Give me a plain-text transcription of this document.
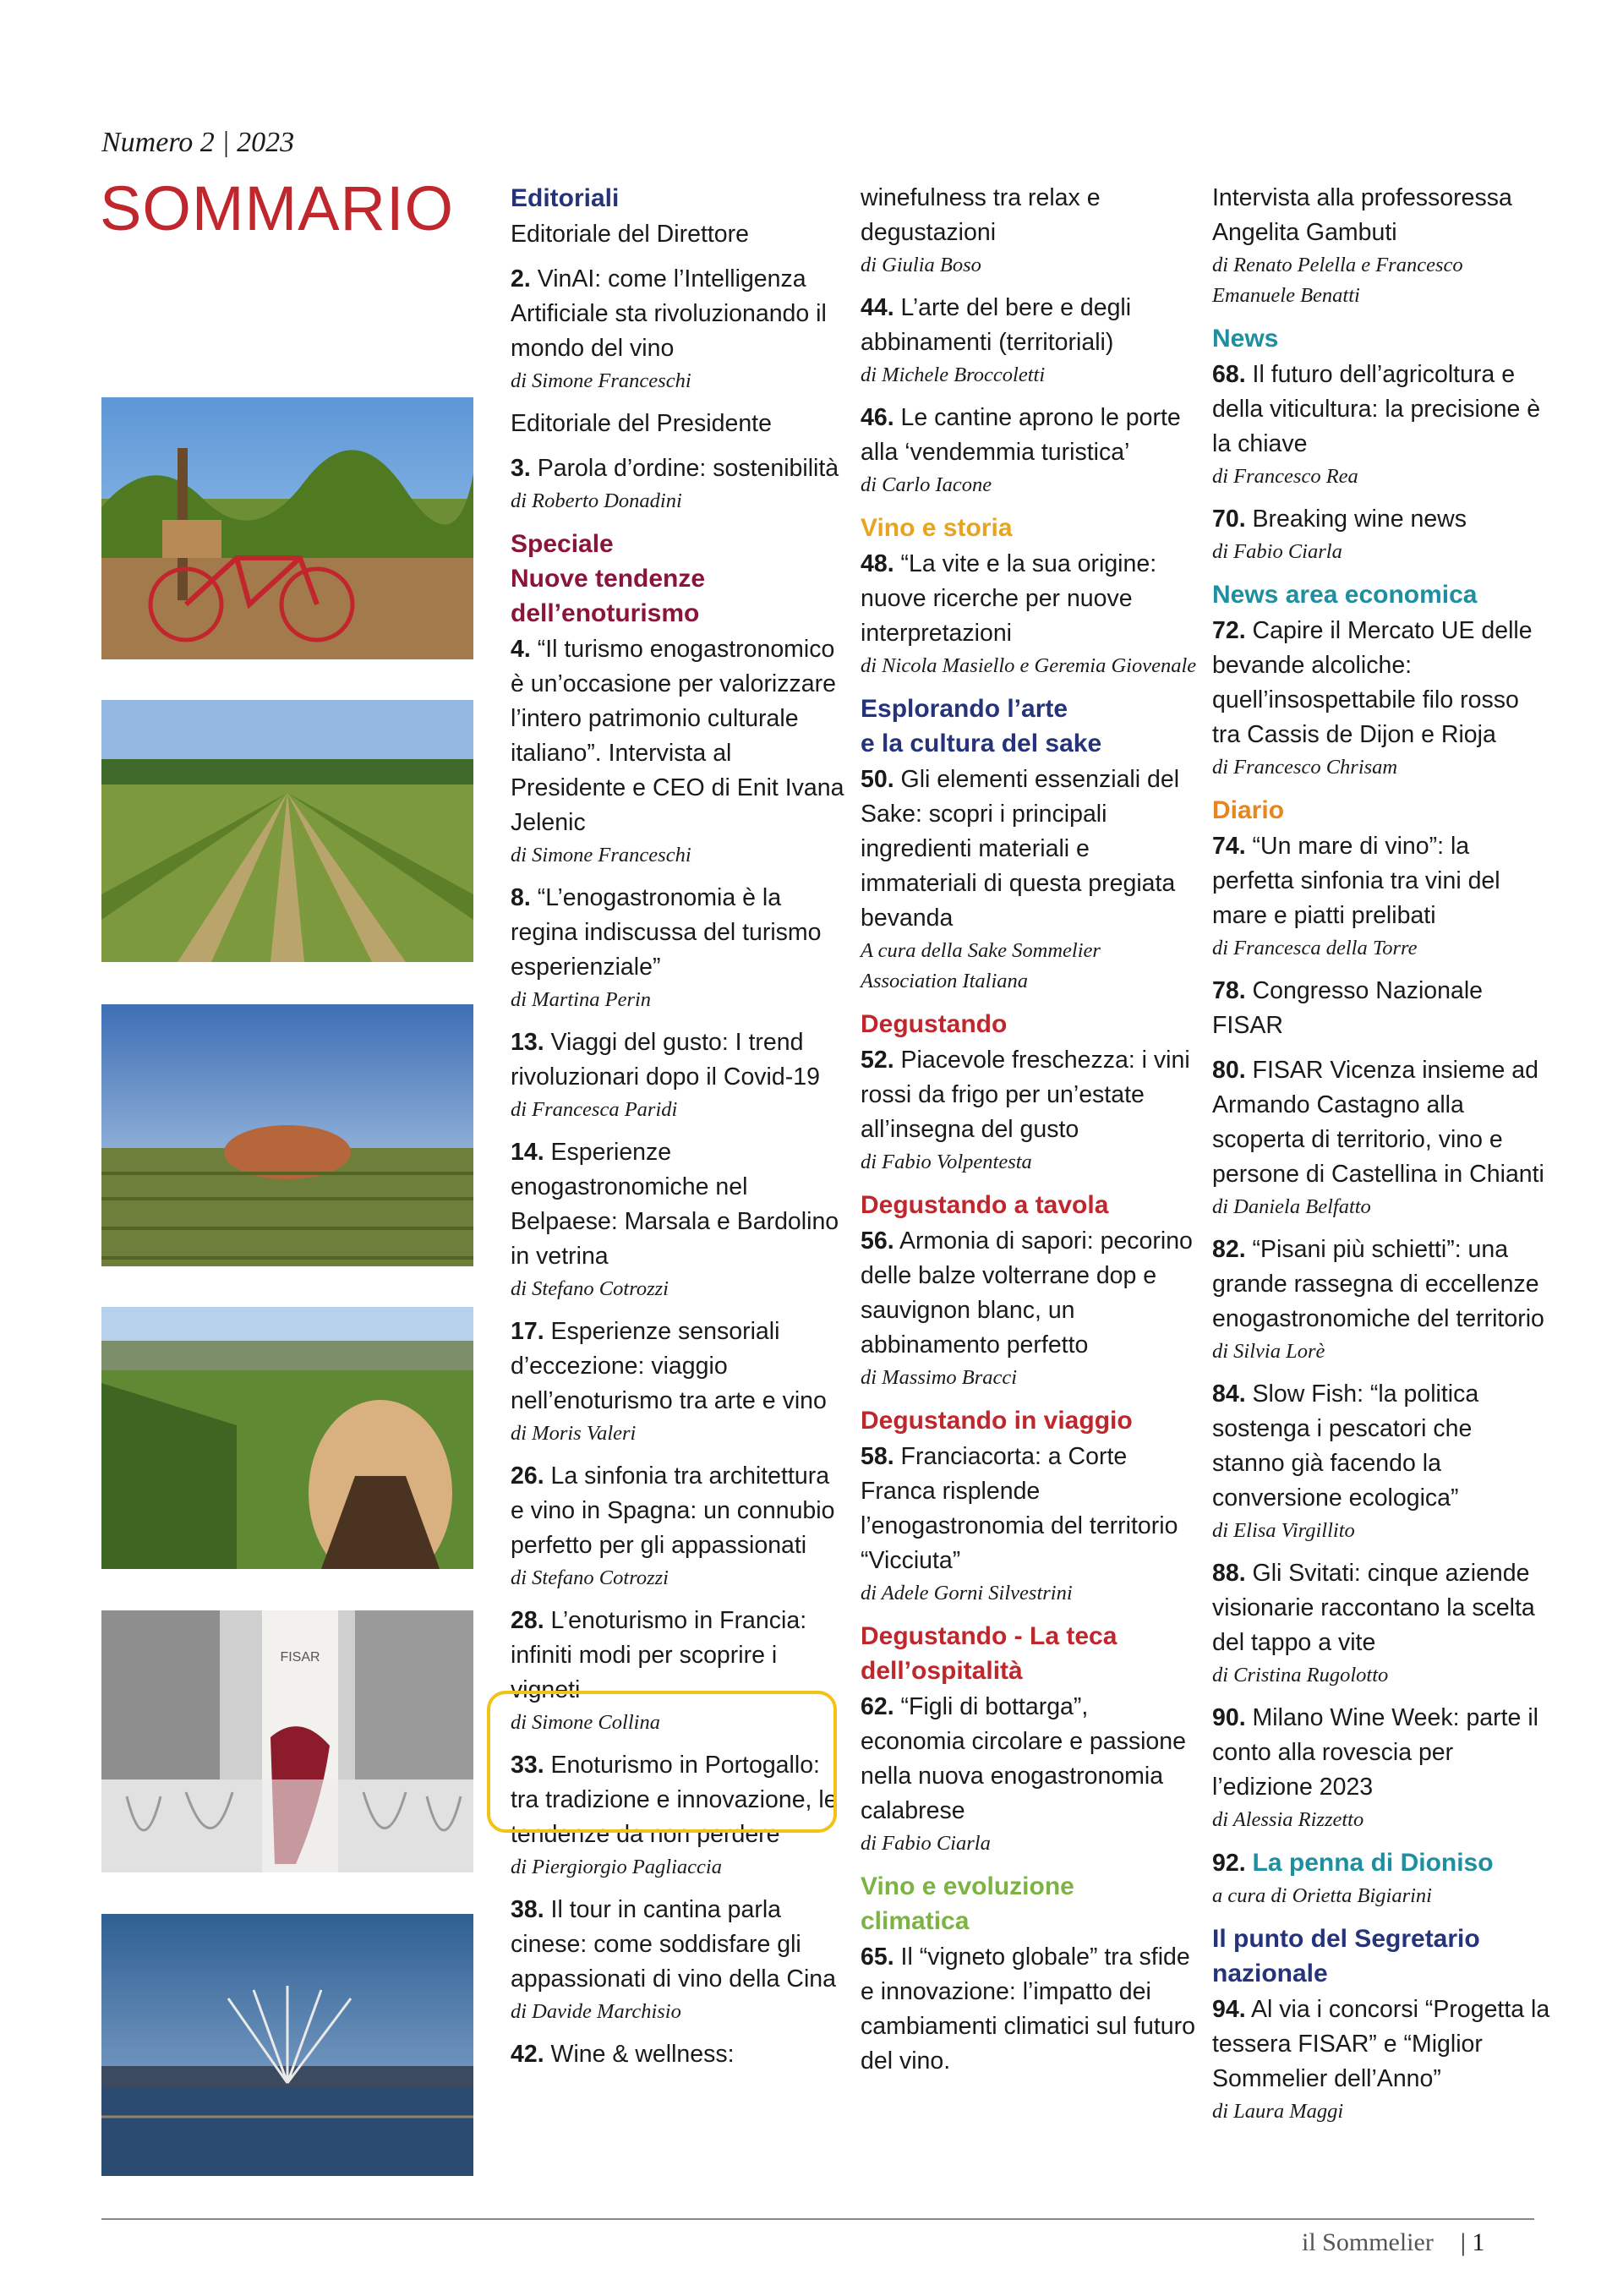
Numero 2 | 2023
SOMMARIO
FISAR
Editoriali
Editoriale del Direttore
2. VinAI: come l’Intelligenza Artificiale sta rivoluzionando il mondo del vino
di Simone Franceschi
Editoriale del Presidente
3. Parola d’ordine: sostenibilità
di Roberto Donadini
Speciale
Nuove tendenze
dell’enoturismo
4. “Il turismo enogastronomico è un’occasione per valorizzare l’intero patrimonio culturale italiano”. Intervista al Presidente e CEO di Enit Ivana Jelenic
di Simone Franceschi
8. “L’enogastronomia è la regina indiscussa del turismo esperienziale”
di Martina Perin
13. Viaggi del gusto: I trend rivoluzionari dopo il Covid-19
di Francesca Paridi
14. Esperienze enogastronomiche nel Belpaese: Marsala e Bardolino in vetrina
di Stefano Cotrozzi
17. Esperienze sensoriali d’eccezione: viaggio nell’enoturismo tra arte e vino
di Moris Valeri
26. La sinfonia tra architettura e vino in Spagna: un connubio perfetto per gli appassionati
di Stefano Cotrozzi
28. L’enoturismo in Francia: infiniti modi per scoprire i vigneti
di Simone Collina
33. Enoturismo in Portogallo: tra tradizione e innovazione, le tendenze da non perdere
di Piergiorgio Pagliaccia
38. Il tour in cantina parla cinese: come soddisfare gli appassionati di vino della Cina
di Davide Marchisio
42. Wine & wellness:
winefulness tra relax e degustazioni
di Giulia Boso
44. L’arte del bere e degli abbinamenti (territoriali)
di Michele Broccoletti
46. Le cantine aprono le porte alla ‘vendemmia turistica’
di Carlo Iacone
Vino e storia
48. “La vite e la sua origine: nuove ricerche per nuove interpretazioni
di Nicola Masiello e Geremia Giovenale
Esplorando l’arte
e la cultura del sake
50. Gli elementi essenziali del Sake: scopri i principali ingredienti materiali e immateriali di questa pregiata bevanda
A cura della Sake Sommelier Association Italiana
Degustando
52. Piacevole freschezza: i vini rossi da frigo per un’estate all’insegna del gusto
di Fabio Volpentesta
Degustando a tavola
56. Armonia di sapori: pecorino delle balze volterrane dop e sauvignon blanc, un abbinamento perfetto
di Massimo Bracci
Degustando in viaggio
58. Franciacorta: a Corte Franca risplende l’enogastronomia del territorio “Vicciuta”
di Adele Gorni Silvestrini
Degustando - La teca
dell’ospitalità
62. “Figli di bottarga”, economia circolare e passione nella nuova enogastronomia calabrese
di Fabio Ciarla
Vino e evoluzione
climatica
65. Il “vigneto globale” tra sfide e innovazione: l’impatto dei cambiamenti climatici sul futuro del vino.
Intervista alla professoressa Angelita Gambuti
di Renato Pelella e Francesco Emanuele Benatti
News
68. Il futuro dell’agricoltura e della viticultura: la precisione è la chiave
di Francesco Rea
70. Breaking wine news
di Fabio Ciarla
News area economica
72. Capire il Mercato UE delle bevande alcoliche: quell’insospettabile filo rosso tra Cassis de Dijon e Rioja
di Francesco Chrisam
Diario
74. “Un mare di vino”: la perfetta sinfonia tra vini del mare e piatti prelibati
di Francesca della Torre
78. Congresso Nazionale FISAR
80. FISAR Vicenza insieme ad Armando Castagno alla scoperta di territorio, vino e persone di Castellina in Chianti
di Daniela Belfatto
82. “Pisani più schietti”: una grande rassegna di eccellenze enogastronomiche del territorio
di Silvia Lorè
84. Slow Fish: “la politica sostenga i pescatori che stanno già facendo la conversione ecologica”
di Elisa Virgillito
88. Gli Svitati: cinque aziende visionarie raccontano la scelta del tappo a vite
di Cristina Rugolotto
90. Milano Wine Week: parte il conto alla rovescia per l’edizione 2023
di Alessia Rizzetto
92. La penna di Dioniso
a cura di Orietta Bigiarini
Il punto del Segretario
nazionale
94. Al via i concorsi “Progetta la tessera FISAR” e “Miglior Sommelier dell’Anno”
di Laura Maggi
il Sommelier | 1
